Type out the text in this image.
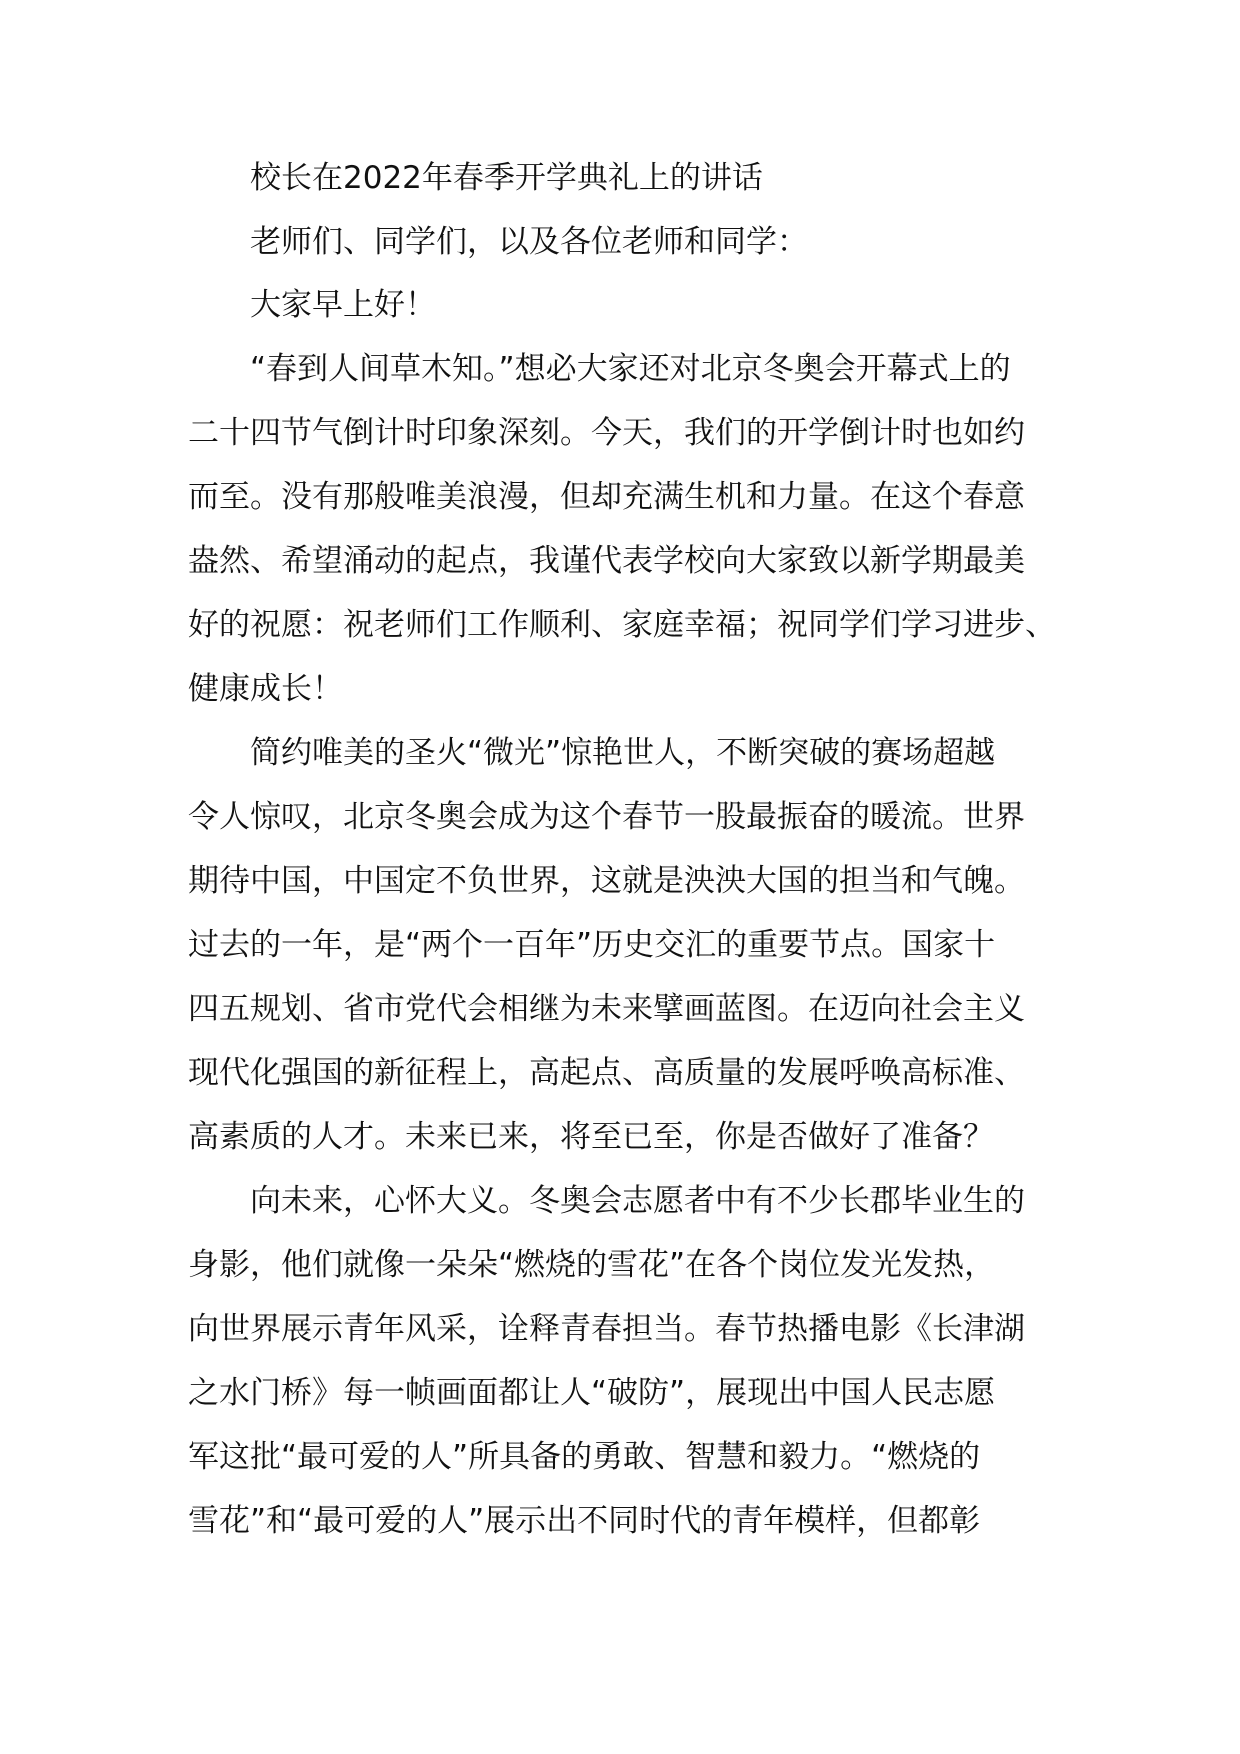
校长在2022年春季开学典礼上的讲话
老师们、同学们，以及各位老师和同学：
大家早上好！
“春到人间草木知。”想必大家还对北京冬奥会开幕式上的
二十四节气倒计时印象深刻。今天，我们的开学倒计时也如约
而至。没有那般唯美浪漫，但却充满生机和力量。在这个春意
盎然、希望涌动的起点，我谨代表学校向大家致以新学期最美
好的祝愿：祝老师们工作顺利、家庭幸福；祝同学们学习进步、
健康成长！
简约唯美的圣火“微光”惊艳世人，不断突破的赛场超越
令人惊叹，北京冬奥会成为这个春节一股最振奋的暖流。世界
期待中国，中国定不负世界，这就是泱泱大国的担当和气魄。
过去的一年，是“两个一百年”历史交汇的重要节点。国家十
四五规划、省市党代会相继为未来擘画蓝图。在迈向社会主义
现代化强国的新征程上，高起点、高质量的发展呼唤高标准、
高素质的人才。未来已来，将至已至，你是否做好了准备？
向未来，心怀大义。冬奥会志愿者中有不少长郡毕业生的
身影，他们就像一朵朵“燃烧的雪花”在各个岗位发光发热，
向世界展示青年风采，诠释青春担当。春节热播电影《长津湖
之水门桥》每一帧画面都让人“破防”，展现出中国人民志愿
军这批“最可爱的人”所具备的勇敢、智慧和毅力。“燃烧的
雪花”和“最可爱的人”展示出不同时代的青年模样，但都彰
